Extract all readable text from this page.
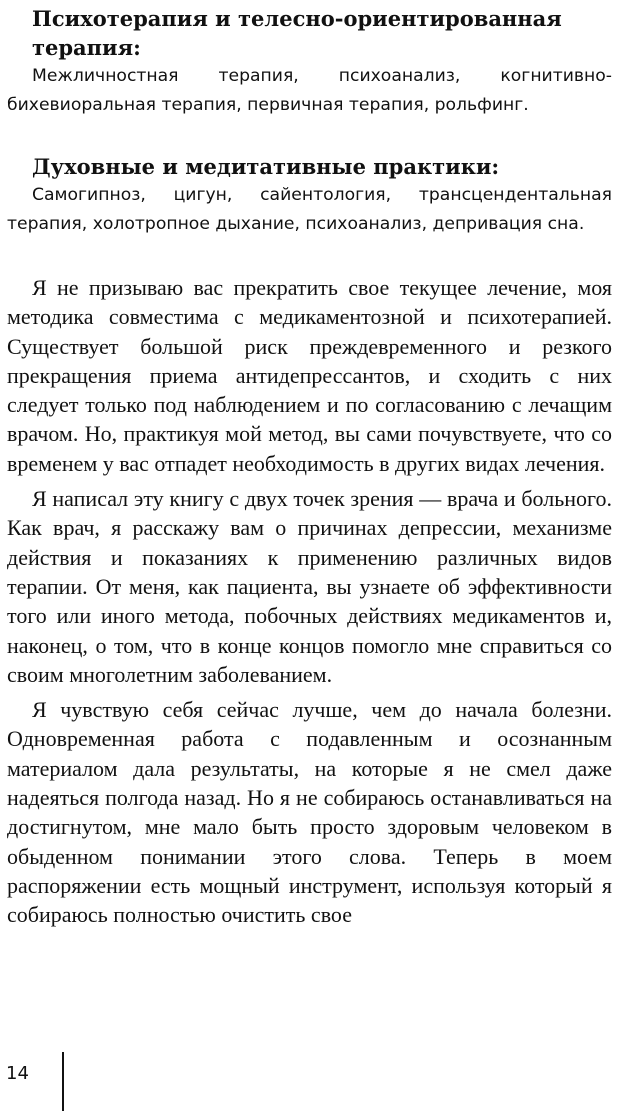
Психотерапия и телесно-ориентированная терапия:

Межличностная терапия, психоанализ, когнитивно-бихевиоральная терапия, первичная терапия, рольфинг.

Духовные и медитативные практики:

Самогипноз, цигун, сайентология, трансцендентальная терапия, холотропное дыхание, психоанализ, депривация сна.

Я не призываю вас прекратить свое текущее лечение, моя методика совместима с медикаментозной и психотерапией. Существует большой риск преждевременного и резкого прекращения приема антидепрессантов, и сходить с них следует только под наблюдением и по согласованию с лечащим врачом. Но, практикуя мой метод, вы сами почувствуете, что со временем у вас отпадет необходимость в других видах лечения.

Я написал эту книгу с двух точек зрения — врача и больного. Как врач, я расскажу вам о причинах депрессии, механизме действия и показаниях к применению различных видов терапии. От меня, как пациента, вы узнаете об эффективности того или иного метода, побочных действиях медикаментов и, наконец, о том, что в конце концов помогло мне справиться со своим многолетним заболеванием.

Я чувствую себя сейчас лучше, чем до начала болезни. Одновременная работа с подавленным и осознанным материалом дала результаты, на которые я не смел даже надеяться полгода назад. Но я не собираюсь останавливаться на достигнутом, мне мало быть просто здоровым человеком в обыденном понимании этого слова. Теперь в моем распоряжении есть мощный инструмент, используя который я собираюсь полностью очистить свое

14
